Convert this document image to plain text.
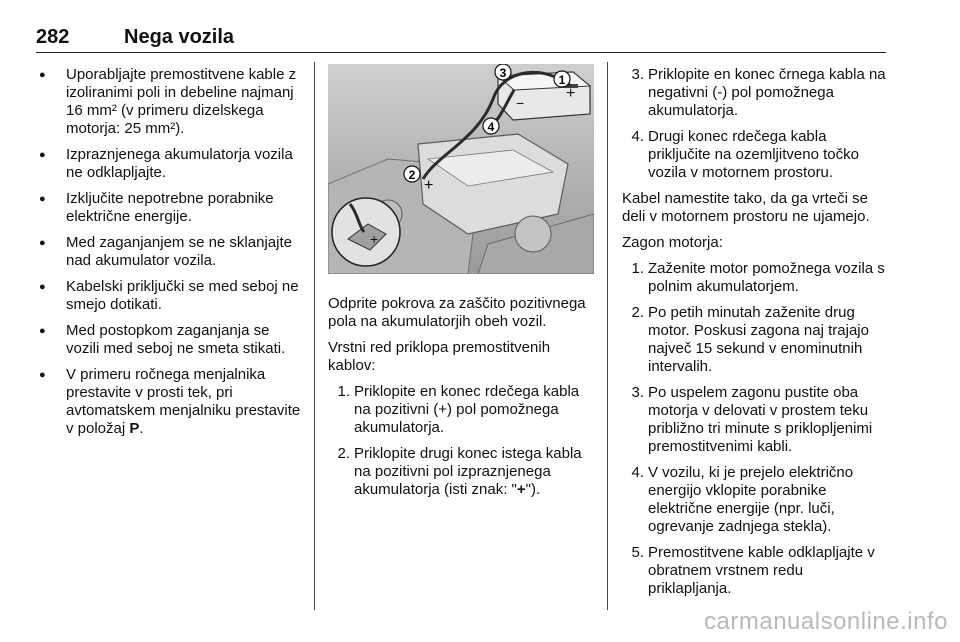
282	Nega vozila
● Uporabljajte premostitvene kable z izoliranimi poli in debeline najmanj 16 mm² (v primeru dizelskega motorja: 25 mm²).
● Izpraznjenega akumulatorja vozila ne odklapljajte.
● Izključite nepotrebne porabnike električne energije.
● Med zaganjanjem se ne sklanjajte nad akumulator vozila.
● Kabelski priključki se med seboj ne smejo dotikati.
● Med postopkom zaganjanja se vozili med seboj ne smeta stikati.
● V primeru ročnega menjalnika prestavite v prosti tek, pri avtomatskem menjalniku prestavite v položaj P.
+
+
+
−
1
2
3
4

Odprite pokrova za zaščito pozitivnega pola na akumulatorjih obeh vozil.

Vrstni red priklopa premostitvenih kablov:

1. Priklopite en konec rdečega kabla na pozitivni (+) pol pomožnega akumulatorja.
2. Priklopite drugi konec istega kabla na pozitivni pol izpraznjenega akumulatorja (isti znak: "+").
3. Priklopite en konec črnega kabla na negativni (-) pol pomožnega akumulatorja.
4. Drugi konec rdečega kabla priključite na ozemljitveno točko vozila v motornem prostoru.

Kabel namestite tako, da ga vrteči se deli v motornem prostoru ne ujamejo.

Zagon motorja:

1. Zaženite motor pomožnega vozila s polnim akumulatorjem.
2. Po petih minutah zaženite drug motor. Poskusi zagona naj trajajo največ 15 sekund v enominutnih intervalih.
3. Po uspelem zagonu pustite oba motorja v delovati v prostem teku približno tri minute s priklopljenimi premostitvenimi kabli.
4. V vozilu, ki je prejelo električno energijo vklopite porabnike električne energije (npr. luči, ogrevanje zadnjega stekla).
5. Premostitvene kable odklapljajte v obratnem vrstnem redu priklapljanja.
carmanualsonline.info
